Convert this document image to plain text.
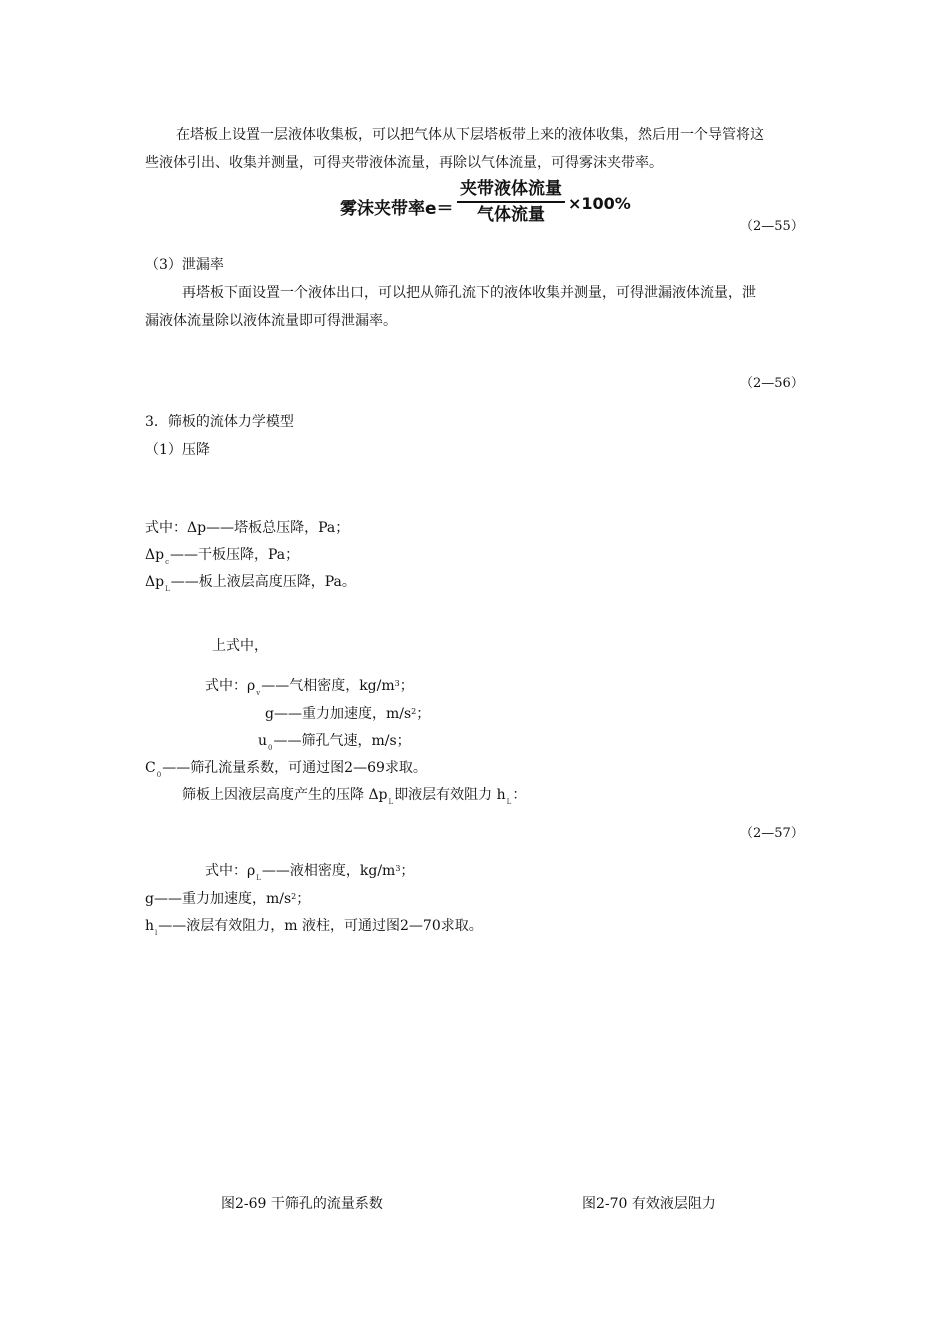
在塔板上设置一层液体收集板，可以把气体从下层塔板带上来的液体收集，然后用一个导管将这
些液体引出、收集并测量，可得夹带液体流量，再除以气体流量，可得雾沫夹带率。
雾沫夹带率e＝
夹带液体流量
气体流量
×100%
（2—55）
（3）泄漏率
再塔板下面设置一个液体出口，可以把从筛孔流下的液体收集并测量，可得泄漏液体流量，泄
漏液体流量除以液体流量即可得泄漏率。
（2—56）
3．筛板的流体力学模型
（1）压降
式中：Δp——塔板总压降，Pa；
$\Delta p_c——$干板压降，Pa；
$\Delta p_L——$板上液层高度压降，Pa。
上式中，
式中：$\rho_v——$气相密度，$kg/m^3$；
g——重力加速度，$m/s^2$；
$u_0——$筛孔气速，m/s；
$C_0——$筛孔流量系数，可通过图2—69求取。
筛板上因液层高度产生的压降 $\Delta p_L$即液层有效阻力 $h_L$：
（2—57）
式中：$\rho_L——$液相密度，$kg/m^3$；
g——重力加速度，$m/s^2$；
$h_l——$液层有效阻力，m 液柱，可通过图2—70求取。
图2-69 干筛孔的流量系数	图2-70 有效液层阻力
